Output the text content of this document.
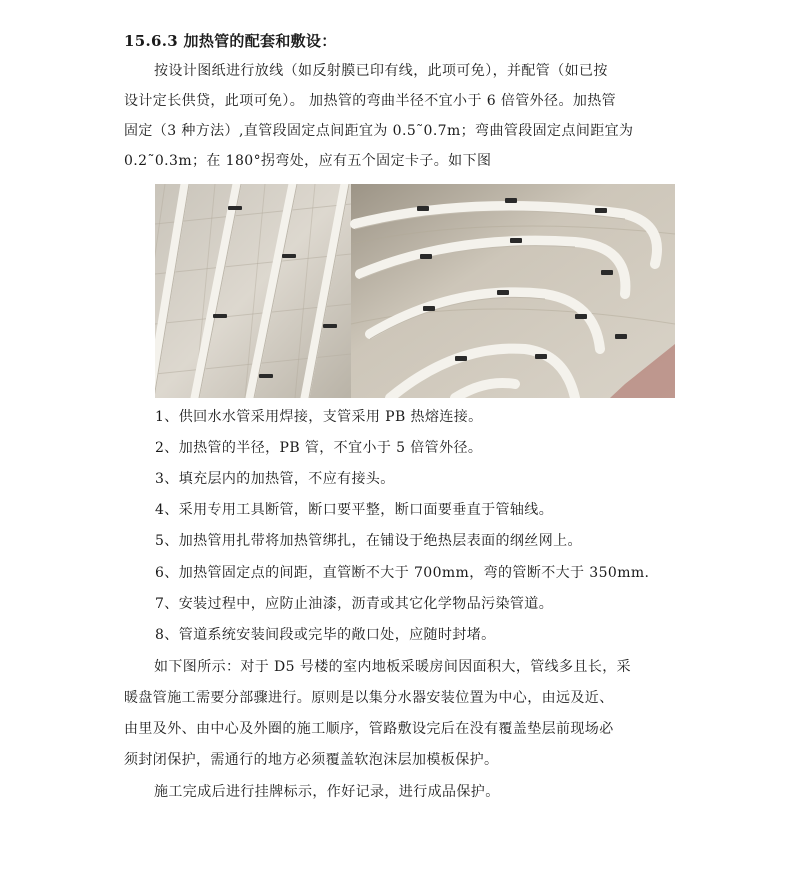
15.6.3 加热管的配套和敷设：
按设计图纸进行放线（如反射膜已印有线，此项可免），并配管（如已按
设计定长供贷，此项可免）。 加热管的弯曲半径不宜小于 6 倍管外径。加热管
固定（3 种方法）,直管段固定点间距宜为 0.5˜0.7m；弯曲管段固定点间距宜为
0.2˜0.3m；在 180°拐弯处，应有五个固定卡子。如下图
1、供回水水管采用焊接，支管采用 PB 热熔连接。
2、加热管的半径，PB 管，不宜小于 5 倍管外径。
3、填充层内的加热管，不应有接头。
4、采用专用工具断管，断口要平整，断口面要垂直于管轴线。
5、加热管用扎带将加热管绑扎，在铺设于绝热层表面的纲丝网上。
6、加热管固定点的间距，直管断不大于 700mm，弯的管断不大于 350mm.
7、安装过程中，应防止油漆，沥青或其它化学物品污染管道。
8、管道系统安装间段或完毕的敞口处，应随时封堵。
如下图所示：对于 D5 号楼的室内地板采暖房间因面积大，管线多且长，采
暖盘管施工需要分部骤进行。原则是以集分水器安装位置为中心，由远及近、
由里及外、由中心及外圈的施工顺序，管路敷设完后在没有覆盖垫层前现场必
须封闭保护，需通行的地方必须覆盖软泡沫层加模板保护。
施工完成后进行挂牌标示，作好记录，进行成品保护。
